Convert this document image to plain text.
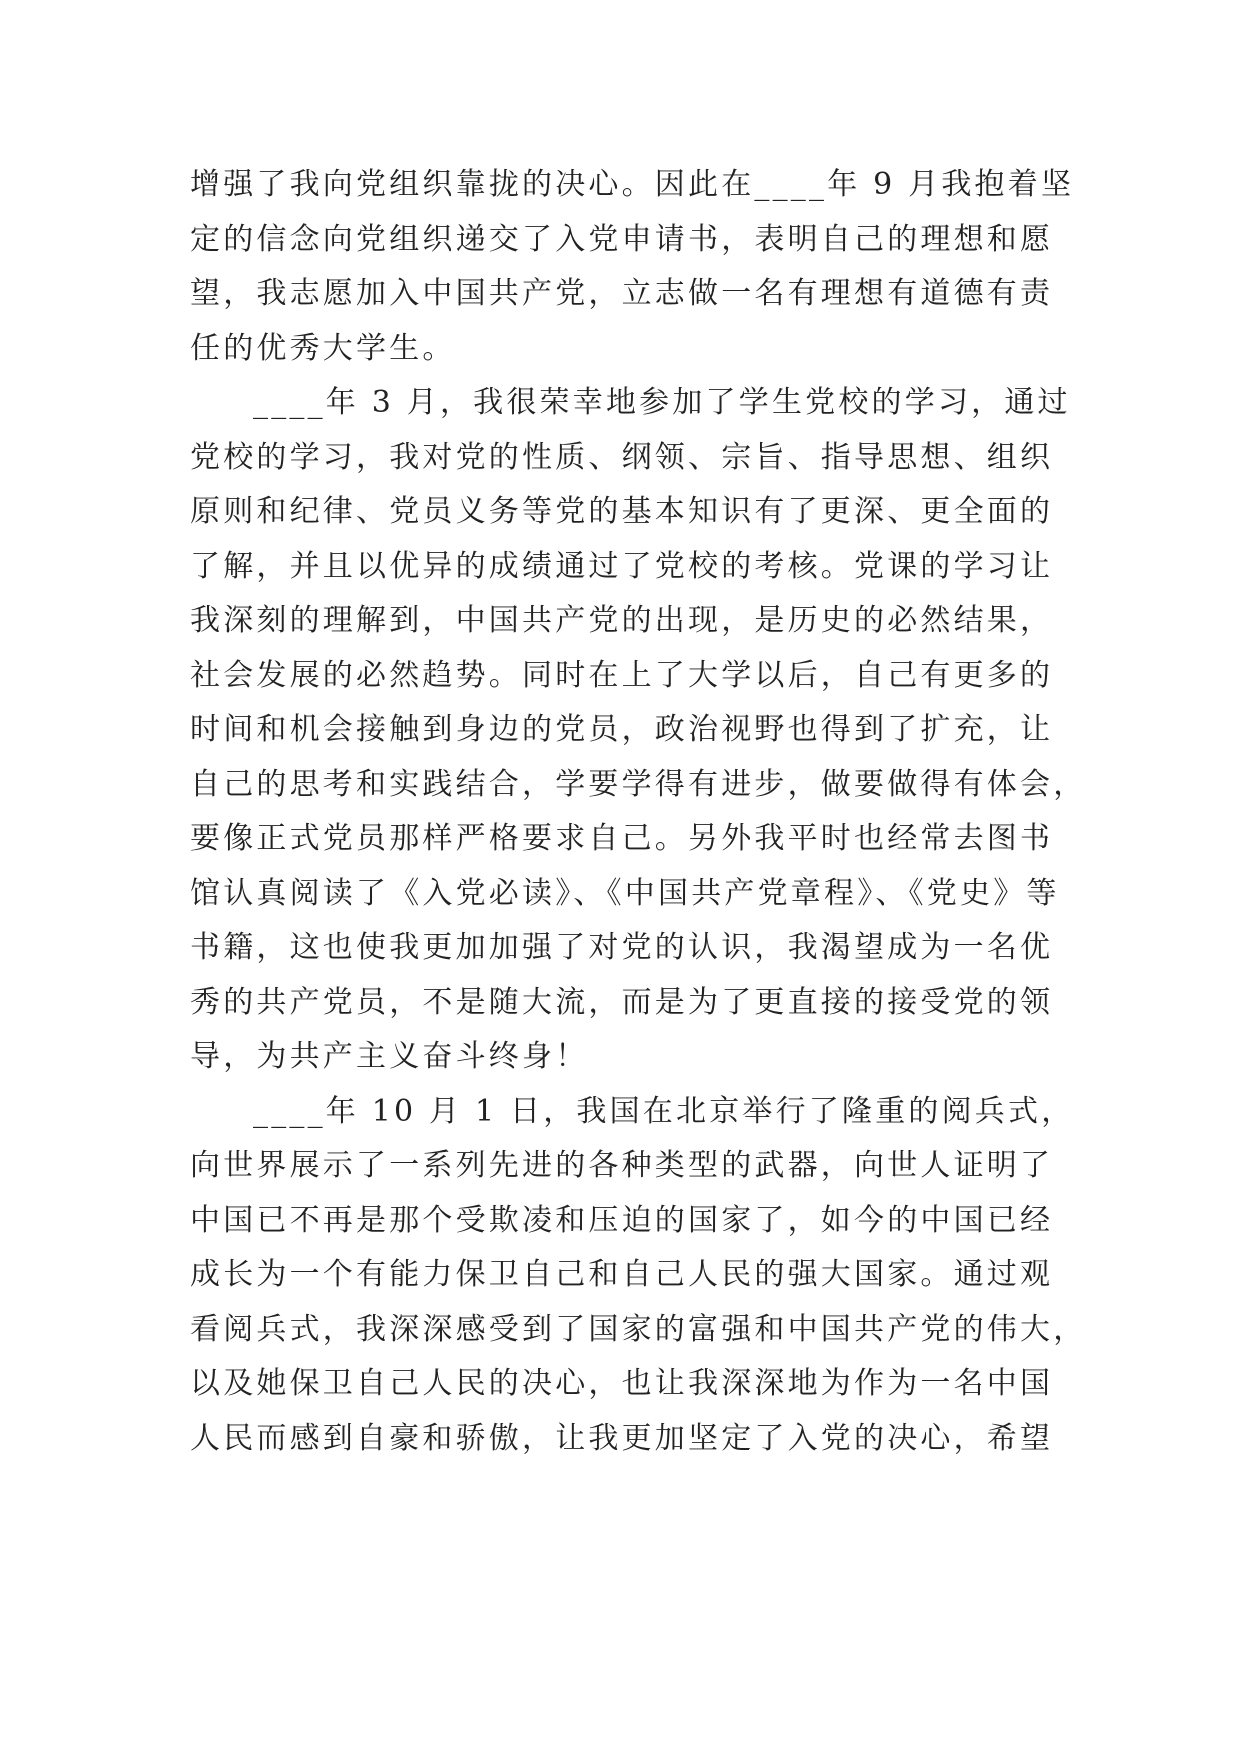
增强了我向党组织靠拢的决心。因此在____年 9 月我抱着坚
定的信念向党组织递交了入党申请书，表明自己的理想和愿
望，我志愿加入中国共产党，立志做一名有理想有道德有责
任的优秀大学生。
____年 3 月，我很荣幸地参加了学生党校的学习，通过
党校的学习，我对党的性质、纲领、宗旨、指导思想、组织
原则和纪律、党员义务等党的基本知识有了更深、更全面的
了解，并且以优异的成绩通过了党校的考核。党课的学习让
我深刻的理解到，中国共产党的出现，是历史的必然结果，
社会发展的必然趋势。同时在上了大学以后，自己有更多的
时间和机会接触到身边的党员，政治视野也得到了扩充，让
自己的思考和实践结合，学要学得有进步，做要做得有体会，
要像正式党员那样严格要求自己。另外我平时也经常去图书
馆认真阅读了《入党必读》、《中国共产党章程》、《党史》等
书籍，这也使我更加加强了对党的认识，我渴望成为一名优
秀的共产党员，不是随大流，而是为了更直接的接受党的领
导，为共产主义奋斗终身！
____年 10 月 1 日，我国在北京举行了隆重的阅兵式，
向世界展示了一系列先进的各种类型的武器，向世人证明了
中国已不再是那个受欺凌和压迫的国家了，如今的中国已经
成长为一个有能力保卫自己和自己人民的强大国家。通过观
看阅兵式，我深深感受到了国家的富强和中国共产党的伟大，
以及她保卫自己人民的决心，也让我深深地为作为一名中国
人民而感到自豪和骄傲，让我更加坚定了入党的决心，希望
